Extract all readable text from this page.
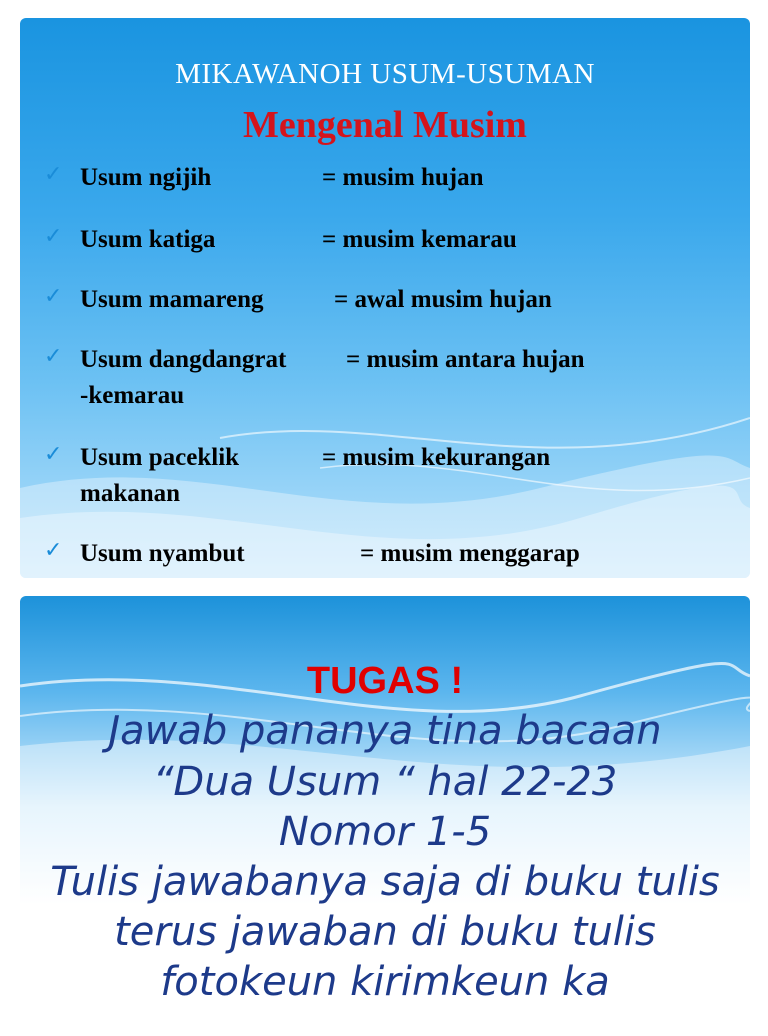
MIKAWANOH USUM-USUMAN
Mengenal Musim
✓ Usum ngijih	= musim hujan
✓ Usum katiga	= musim kemarau
✓ Usum mamareng	= awal musim hujan
✓ Usum dangdangrat = musim antara hujan
-kemarau
✓ Usum paceklik	= musim kekurangan
makanan
✓ Usum nyambut	= musim menggarap
TUGAS !
Jawab pananya tina bacaan
“Dua Usum “ hal 22-23
Nomor 1-5
Tulis jawabanya saja di buku tulis
terus jawaban di buku tulis
fotokeun kirimkeun ka
